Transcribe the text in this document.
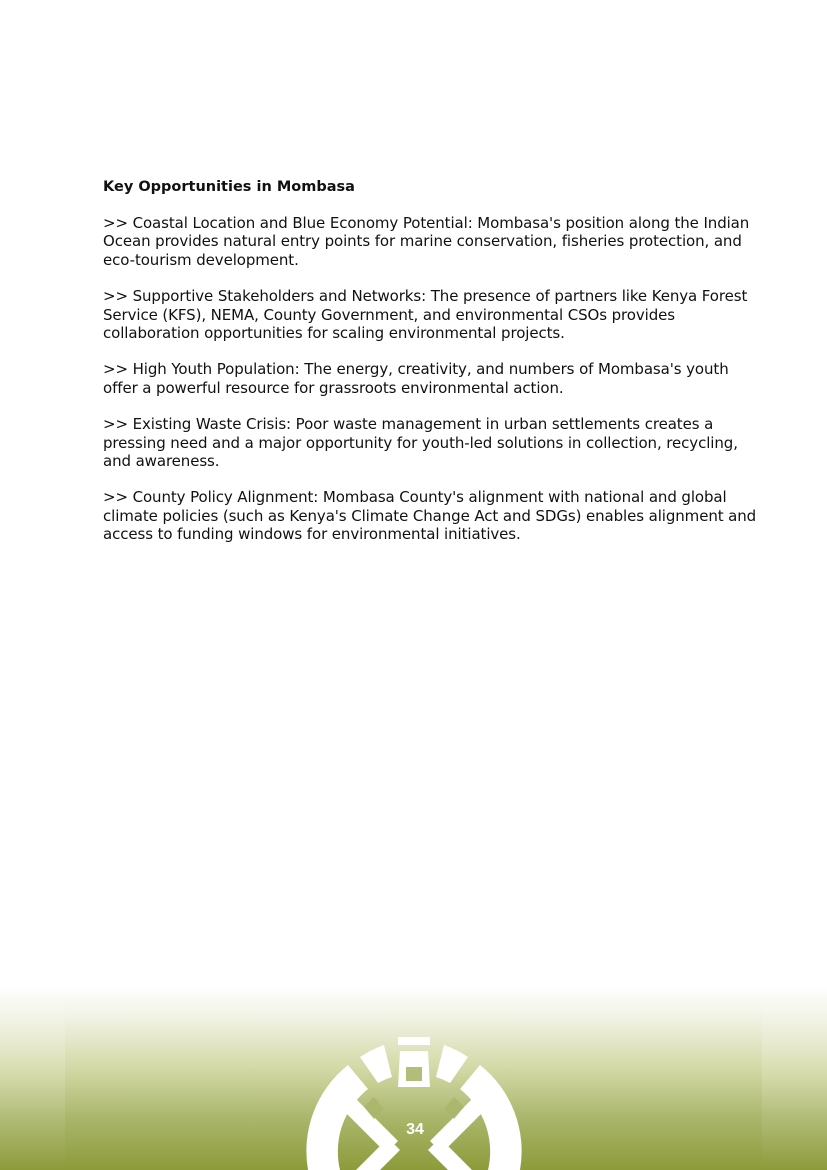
Key Opportunities in Mombasa

>> Coastal Location and Blue Economy Potential: Mombasa's position along the Indian Ocean provides natural entry points for marine conservation, fisheries protection, and eco-tourism development.

>> Supportive Stakeholders and Networks: The presence of partners like Kenya Forest Service (KFS), NEMA, County Government, and environmental CSOs provides collaboration opportunities for scaling environmental projects.

>> High Youth Population: The energy, creativity, and numbers of Mombasa's youth offer a powerful resource for grassroots environmental action.

>> Existing Waste Crisis: Poor waste management in urban settlements creates a pressing need and a major opportunity for youth-led solutions in collection, recycling, and awareness.

>> County Policy Alignment: Mombasa County's alignment with national and global climate policies (such as Kenya's Climate Change Act and SDGs) enables alignment and access to funding windows for environmental initiatives.

34
